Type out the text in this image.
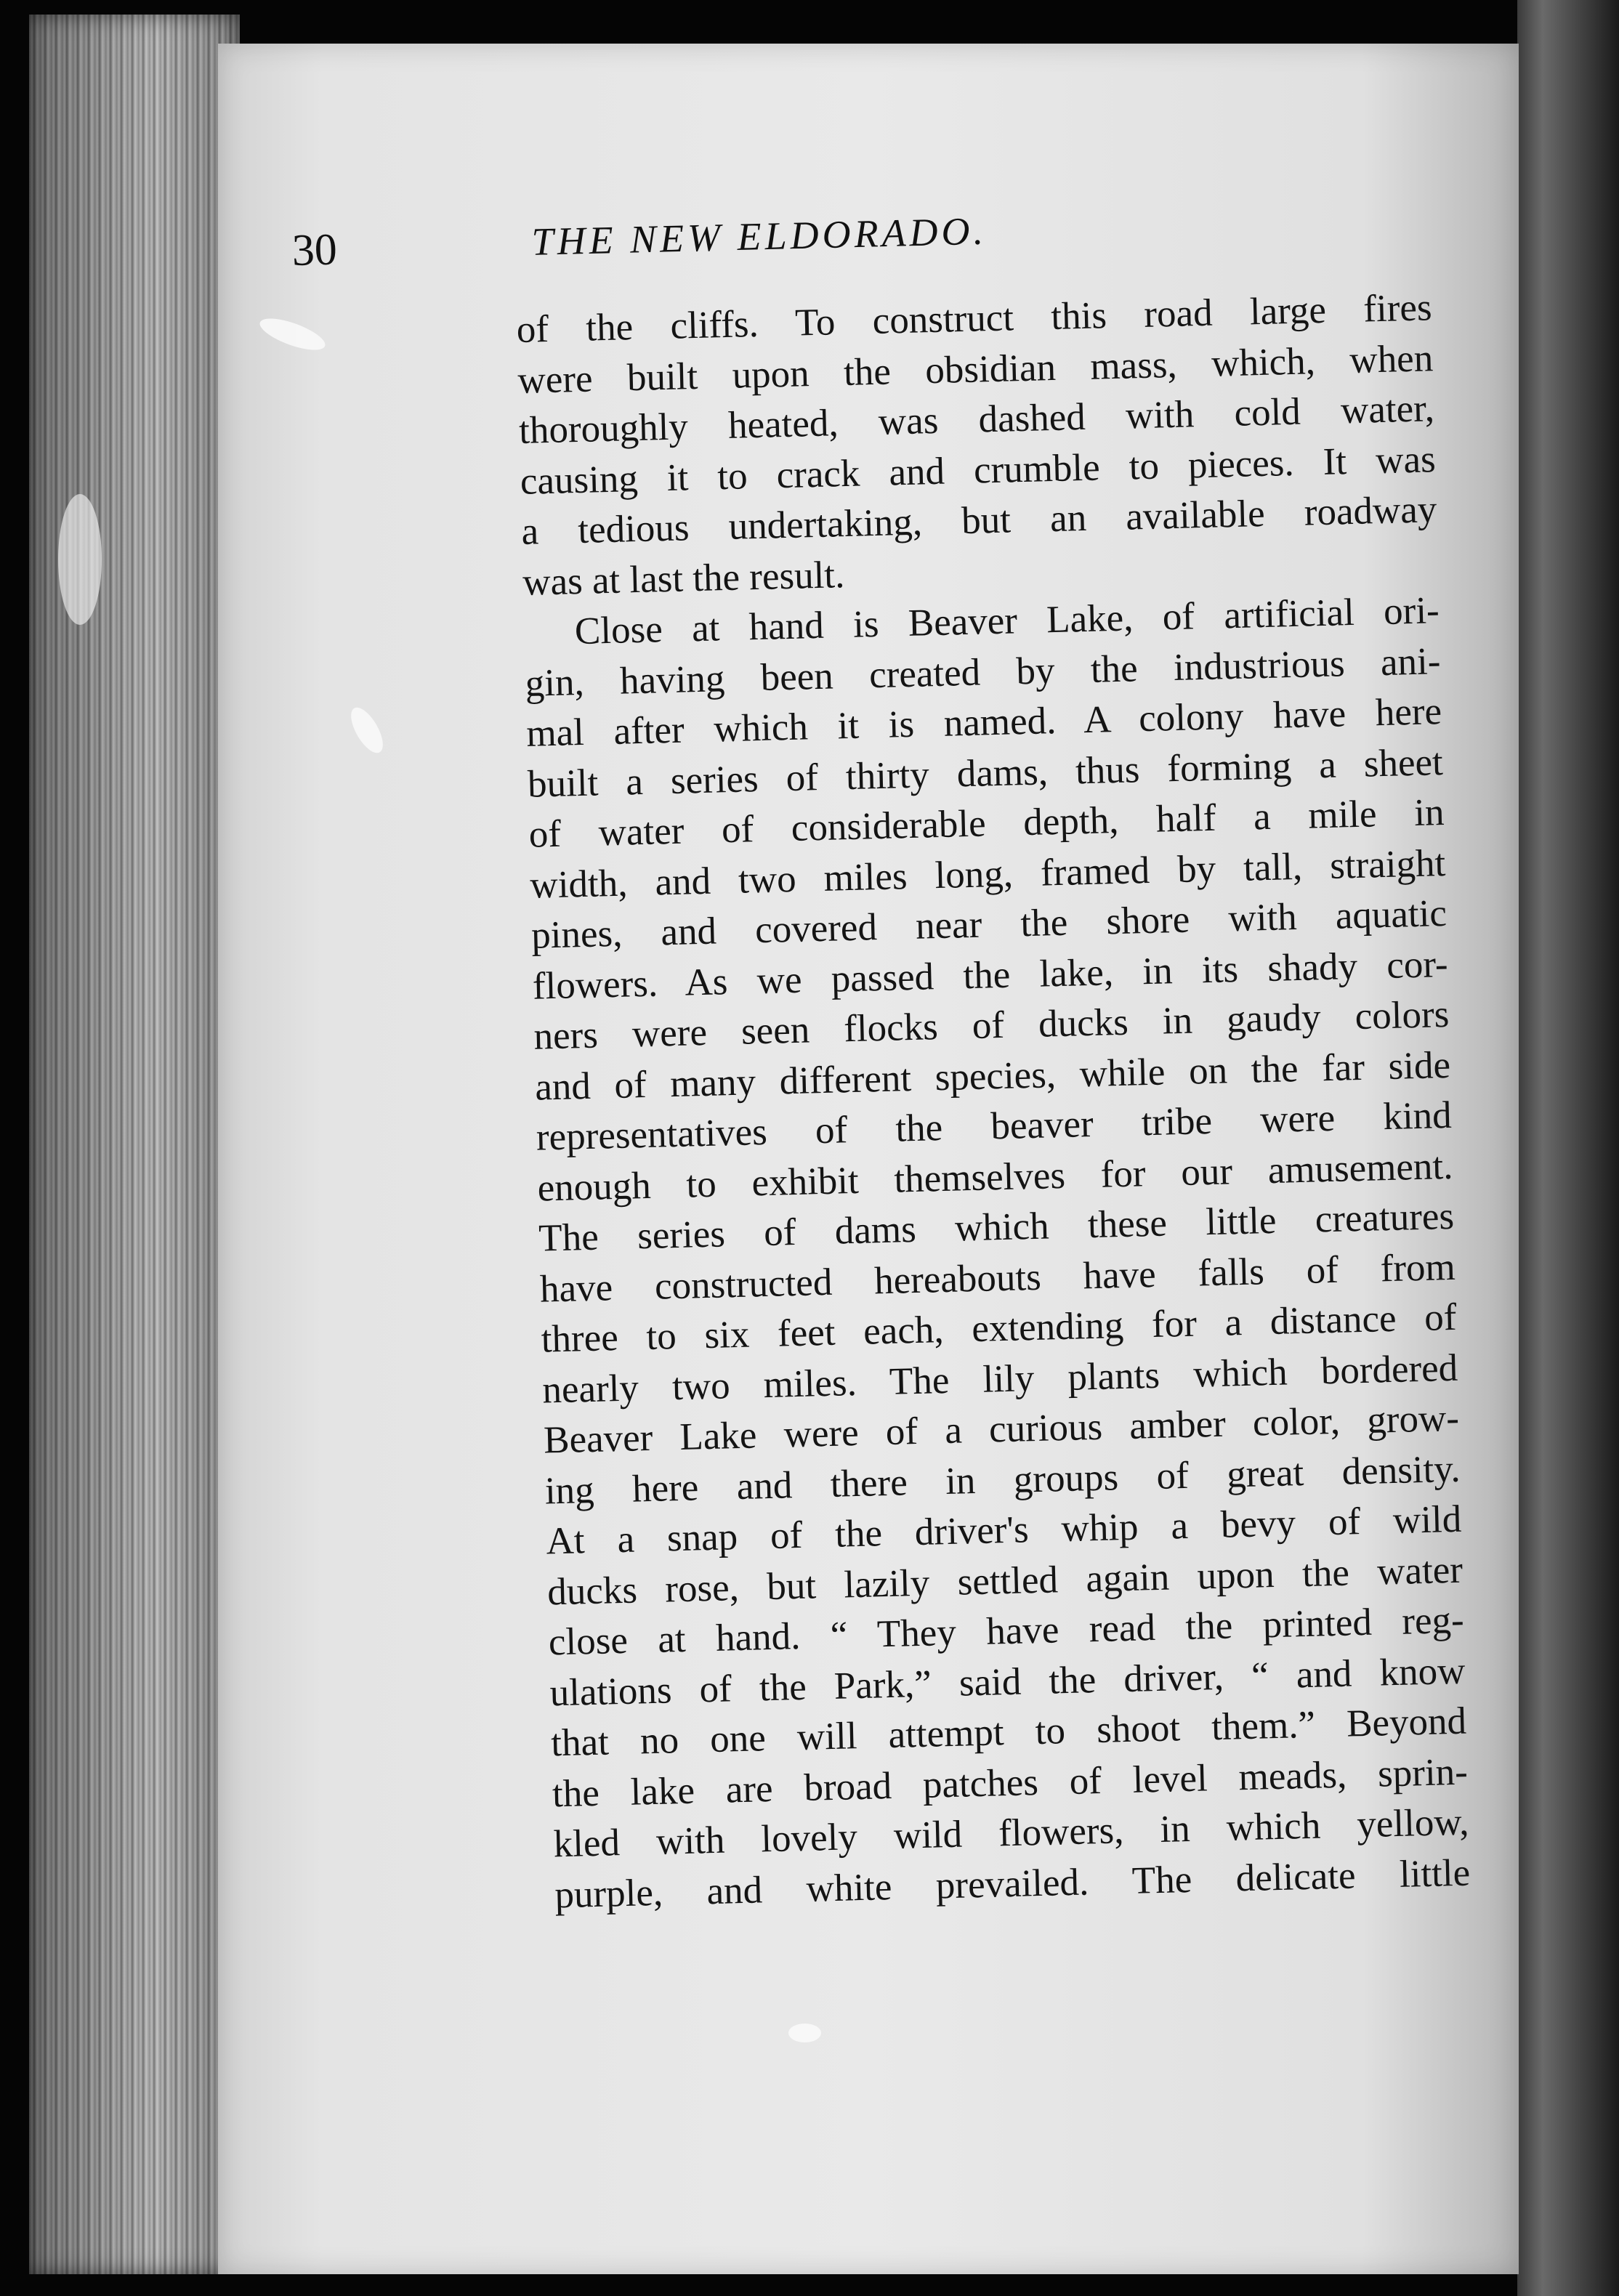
30	THE NEW ELDORADO.
of the cliffs. To construct this road large fires
were built upon the obsidian mass, which, when
thoroughly heated, was dashed with cold water,
causing it to crack and crumble to pieces. It was
a tedious undertaking, but an available roadway
was at last the result.
Close at hand is Beaver Lake, of artificial ori-
gin, having been created by the industrious ani-
mal after which it is named. A colony have here
built a series of thirty dams, thus forming a sheet
of water of considerable depth, half a mile in
width, and two miles long, framed by tall, straight
pines, and covered near the shore with aquatic
flowers. As we passed the lake, in its shady cor-
ners were seen flocks of ducks in gaudy colors
and of many different species, while on the far side
representatives of the beaver tribe were kind
enough to exhibit themselves for our amusement.
The series of dams which these little creatures
have constructed hereabouts have falls of from
three to six feet each, extending for a distance of
nearly two miles. The lily plants which bordered
Beaver Lake were of a curious amber color, grow-
ing here and there in groups of great density.
At a snap of the driver's whip a bevy of wild
ducks rose, but lazily settled again upon the water
close at hand. “ They have read the printed reg-
ulations of the Park,” said the driver, “ and know
that no one will attempt to shoot them.” Beyond
the lake are broad patches of level meads, sprin-
kled with lovely wild flowers, in which yellow,
purple, and white prevailed. The delicate little
